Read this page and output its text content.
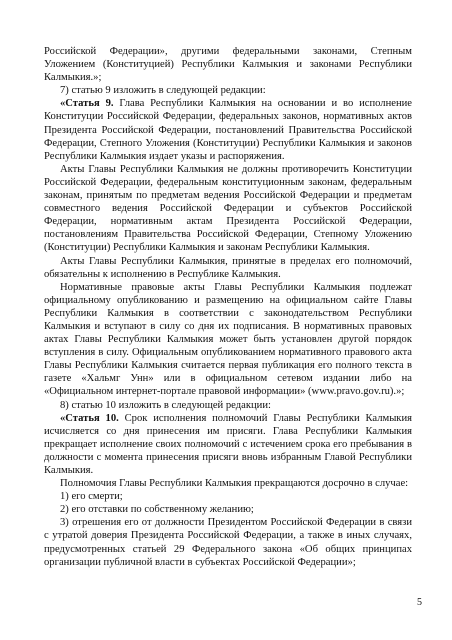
Российской Федерации», другими федеральными законами, Степным Уложением (Конституцией) Республики Калмыкия и законами Республики Калмыкия.»;

7) статью 9 изложить в следующей редакции:

«Статья 9. Глава Республики Калмыкия на основании и во исполнение Конституции Российской Федерации, федеральных законов, нормативных актов Президента Российской Федерации, постановлений Правительства Российской Федерации, Степного Уложения (Конституции) Республики Калмыкия и законов Республики Калмыкия издает указы и распоряжения.

Акты Главы Республики Калмыкия не должны противоречить Конституции Российской Федерации, федеральным конституционным законам, федеральным законам, принятым по предметам ведения Российской Федерации и предметам совместного ведения Российской Федерации и субъектов Российской Федерации, нормативным актам Президента Российской Федерации, постановлениям Правительства Российской Федерации, Степному Уложению (Конституции) Республики Калмыкия и законам Республики Калмыкия.

Акты Главы Республики Калмыкия, принятые в пределах его полномочий, обязательны к исполнению в Республике Калмыкия.

Нормативные правовые акты Главы Республики Калмыкия подлежат официальному опубликованию и размещению на официальном сайте Главы Республики Калмыкия в соответствии с законодательством Республики Калмыкия и вступают в силу со дня их подписания. В нормативных правовых актах Главы Республики Калмыкия может быть установлен другой порядок вступления в силу. Официальным опубликованием нормативного правового акта Главы Республики Калмыкия считается первая публикация его полного текста в газете «Хальмг Унн» или в официальном сетевом издании либо на «Официальном интернет-портале правовой информации» (www.pravo.gov.ru).»;

8) статью 10 изложить в следующей редакции:

«Статья 10. Срок исполнения полномочий Главы Республики Калмыкия исчисляется со дня принесения им присяги. Глава Республики Калмыкия прекращает исполнение своих полномочий с истечением срока его пребывания в должности с момента принесения присяги вновь избранным Главой Республики Калмыкия.

Полномочия Главы Республики Калмыкия прекращаются досрочно в случае:

1) его смерти;

2) его отставки по собственному желанию;

3) отрешения его от должности Президентом Российской Федерации в связи с утратой доверия Президента Российской Федерации, а также в иных случаях, предусмотренных статьей 29 Федерального закона «Об общих принципах организации публичной власти в субъектах Российской Федерации»;

5
